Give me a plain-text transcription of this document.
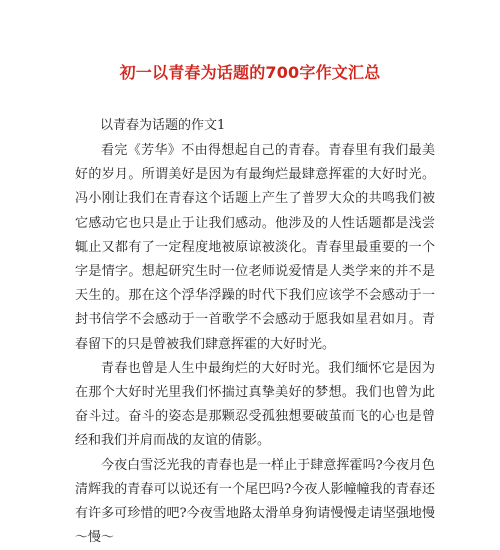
初一以青春为话题的700字作文汇总
以青春为话题的作文1

看完《芳华》不由得想起自己的青春。青春里有我们最美好的岁月。所谓美好是因为有最绚烂最肆意挥霍的大好时光。冯小刚让我们在青春这个话题上产生了普罗大众的共鸣我们被它感动它也只是止于让我们感动。他涉及的人性话题都是浅尝辄止又都有了一定程度地被原谅被淡化。青春里最重要的一个字是情字。想起研究生时一位老师说爱情是人类学来的并不是天生的。那在这个浮华浮躁的时代下我们应该学不会感动于一封书信学不会感动于一首歌学不会感动于愿我如星君如月。青春留下的只是曾被我们肆意挥霍的大好时光。

青春也曾是人生中最绚烂的大好时光。我们缅怀它是因为在那个大好时光里我们怀揣过真挚美好的梦想。我们也曾为此奋斗过。奋斗的姿态是那颗忍受孤独想要破茧而飞的心也是曾经和我们并肩而战的友谊的倩影。

今夜白雪泛光我的青春也是一样止于肆意挥霍吗?今夜月色清辉我的青春可以说还有一个尾巴吗?今夜人影幢幢我的青春还有许多可珍惜的吧?今夜雪地路太滑单身狗请慢慢走请坚强地慢～慢～
